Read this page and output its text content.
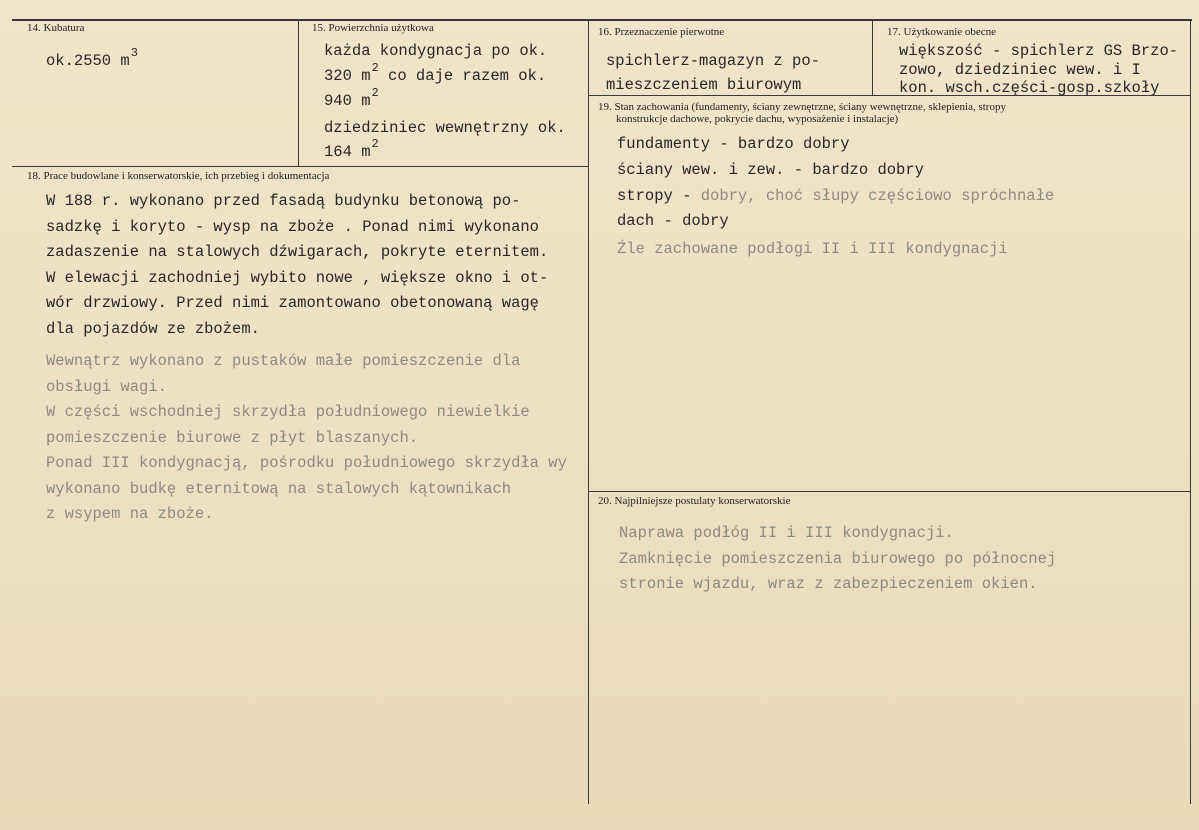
14. Kubatura
ok.2550 $m^3$
15. Powierzchnia użytkowa
każda kondygnacja po ok.
320 $m^2$ co daje razem ok.
940 $m^2$
dziedziniec wewnętrzny ok.
164 $m^2$
16. Przeznaczenie pierwotne
spichlerz-magazyn z po-
mieszczeniem biurowym
17. Użytkowanie obecne
większość - spichlerz GS Brzo-
zowo, dziedziniec wew. i I
kon. wsch.części-gosp.szkoły
19. Stan zachowania (fundamenty, ściany zewnętrzne, ściany wewnętrzne, sklepienia, stropy
konstrukcje dachowe, pokrycie dachu, wyposażenie i instalacje)
fundamenty - bardzo dobry
ściany wew. i zew. - bardzo dobry
stropy - dobry, choć słupy częściowo spróchnałe
dach - dobry
Źle zachowane podłogi II i III kondygnacji
18. Prace budowlane i konserwatorskie, ich przebieg i dokumentacja
W 188 r. wykonano przed fasadą budynku betonową po-
sadzkę i koryto - wysp na zboże . Ponad nimi wykonano
zadaszenie na stalowych dźwigarach, pokryte eternitem.
W elewacji zachodniej wybito nowe , większe okno i ot-
wór drzwiowy. Przed nimi zamontowano obetonowaną wagę
dla pojazdów ze zbożem.
Wewnątrz wykonano z pustaków małe pomieszczenie dla
obsługi wagi.
W części wschodniej skrzydła południowego niewielkie
pomieszczenie biurowe z płyt blaszanych.
Ponad III kondygnacją, pośrodku południowego skrzydła wy
wykonano budkę eternitową na stalowych kątownikach
z wsypem na zboże.
20. Najpilniejsze postulaty konserwatorskie
Naprawa podłóg II i III kondygnacji.
Zamknięcie pomieszczenia biurowego po północnej
stronie wjazdu, wraz z zabezpieczeniem okien.
